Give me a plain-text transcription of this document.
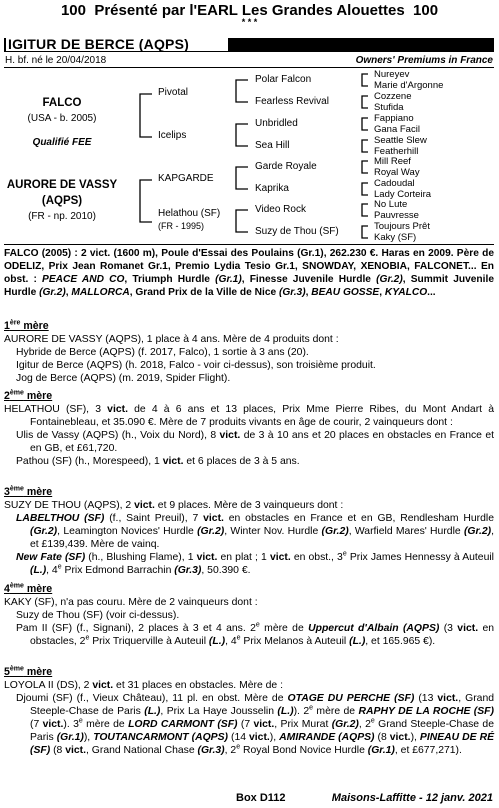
100 Présenté par l'EARL Les Grandes Alouettes 100
* * *
IGITUR DE BERCE (AQPS)
H. bf. né le 20/04/2018	Owners' Premiums in France
FALCO
(USA - b. 2005)
Qualifié FEE
AURORE DE VASSY
(AQPS)
(FR - np. 2010)
Pivotal
Icelips
KAPGARDE
Helathou (SF)
(FR - 1995)
Polar Falcon
Fearless Revival
Unbridled
Sea Hill
Garde Royale
Kaprika
Video Rock
Suzy de Thou (SF)
Nureyev
Marie d'Argonne
Cozzene
Stufida
Fappiano
Gana Facil
Seattle Slew
Featherhill
Mill Reef
Royal Way
Cadoudal
Lady Corteira
No Lute
Pauvresse
Toujours Prêt
Kaky (SF)

FALCO (2005) : 2 vict. (1600 m), Poule d'Essai des Poulains (Gr.1), 262.230 €. Haras en 2009. Père de ODELIZ, Prix Jean Romanet Gr.1, Premio Lydia Tesio Gr.1, SNOWDAY, XENOBIA, FALCONET... En obst. : PEACE AND CO, Triumph Hurdle (Gr.1), Finesse Juvenile Hurdle (Gr.2), Summit Juvenile Hurdle (Gr.2), MALLORCA, Grand Prix de la Ville de Nice (Gr.3), BEAU GOSSE, KYALCO...

1ère mère

AURORE DE VASSY (AQPS), 1 place à 4 ans. Mère de 4 produits dont :

Hybride de Berce (AQPS) (f. 2017, Falco), 1 sortie à 3 ans (20).

Igitur de Berce (AQPS) (h. 2018, Falco - voir ci-dessus), son troisième produit.

Jog de Berce (AQPS) (m. 2019, Spider Flight).

2ème mère

HELATHOU (SF), 3 vict. de 4 à 6 ans et 13 places, Prix Mme Pierre Ribes, du Mont Andart à Fontainebleau, et 35.090 €. Mère de 7 produits vivants en âge de courir, 2 vainqueurs dont :

Ulis de Vassy (AQPS) (h., Voix du Nord), 8 vict. de 3 à 10 ans et 20 places en obstacles en France et en GB, et £61,720.

Pathou (SF) (h., Morespeed), 1 vict. et 6 places de 3 à 5 ans.

3ème mère

SUZY DE THOU (AQPS), 2 vict. et 9 places. Mère de 3 vainqueurs dont :

LABELTHOU (SF) (f., Saint Preuil), 7 vict. en obstacles en France et en GB, Rendlesham Hurdle (Gr.2), Leamington Novices' Hurdle (Gr.2), Winter Nov. Hurdle (Gr.2), Warfield Mares' Hurdle (Gr.2), et £139,439. Mère de vainq.

New Fate (SF) (h., Blushing Flame), 1 vict. en plat ; 1 vict. en obst., 3e Prix James Hennessy à Auteuil (L.), 4e Prix Edmond Barrachin (Gr.3), 50.390 €.

4ème mère

KAKY (SF), n'a pas couru. Mère de 2 vainqueurs dont :

Suzy de Thou (SF) (voir ci-dessus).

Pam II (SF) (f., Signani), 2 places à 3 et 4 ans. 2e mère de Uppercut d'Albain (AQPS) (3 vict. en obstacles, 2e Prix Triquerville à Auteuil (L.), 4e Prix Melanos à Auteuil (L.), et 165.965 €).

5ème mère

LOYOLA II (DS), 2 vict. et 31 places en obstacles. Mère de :

Djoumi (SF) (f., Vieux Château), 11 pl. en obst. Mère de OTAGE DU PERCHE (SF) (13 vict., Grand Steeple-Chase de Paris (L.), Prix La Haye Jousselin (L.)). 2e mère de RAPHY DE LA ROCHE (SF) (7 vict.). 3e mère de LORD CARMONT (SF) (7 vict., Prix Murat (Gr.2), 2e Grand Steeple-Chase de Paris (Gr.1)), TOUTANCARMONT (AQPS) (14 vict.), AMIRANDE (AQPS) (8 vict.), PINEAU DE RÉ (SF) (8 vict., Grand National Chase (Gr.3), 2e Royal Bond Novice Hurdle (Gr.1), et £677,271).

Box D112	Maisons-Laffitte - 12 janv. 2021
